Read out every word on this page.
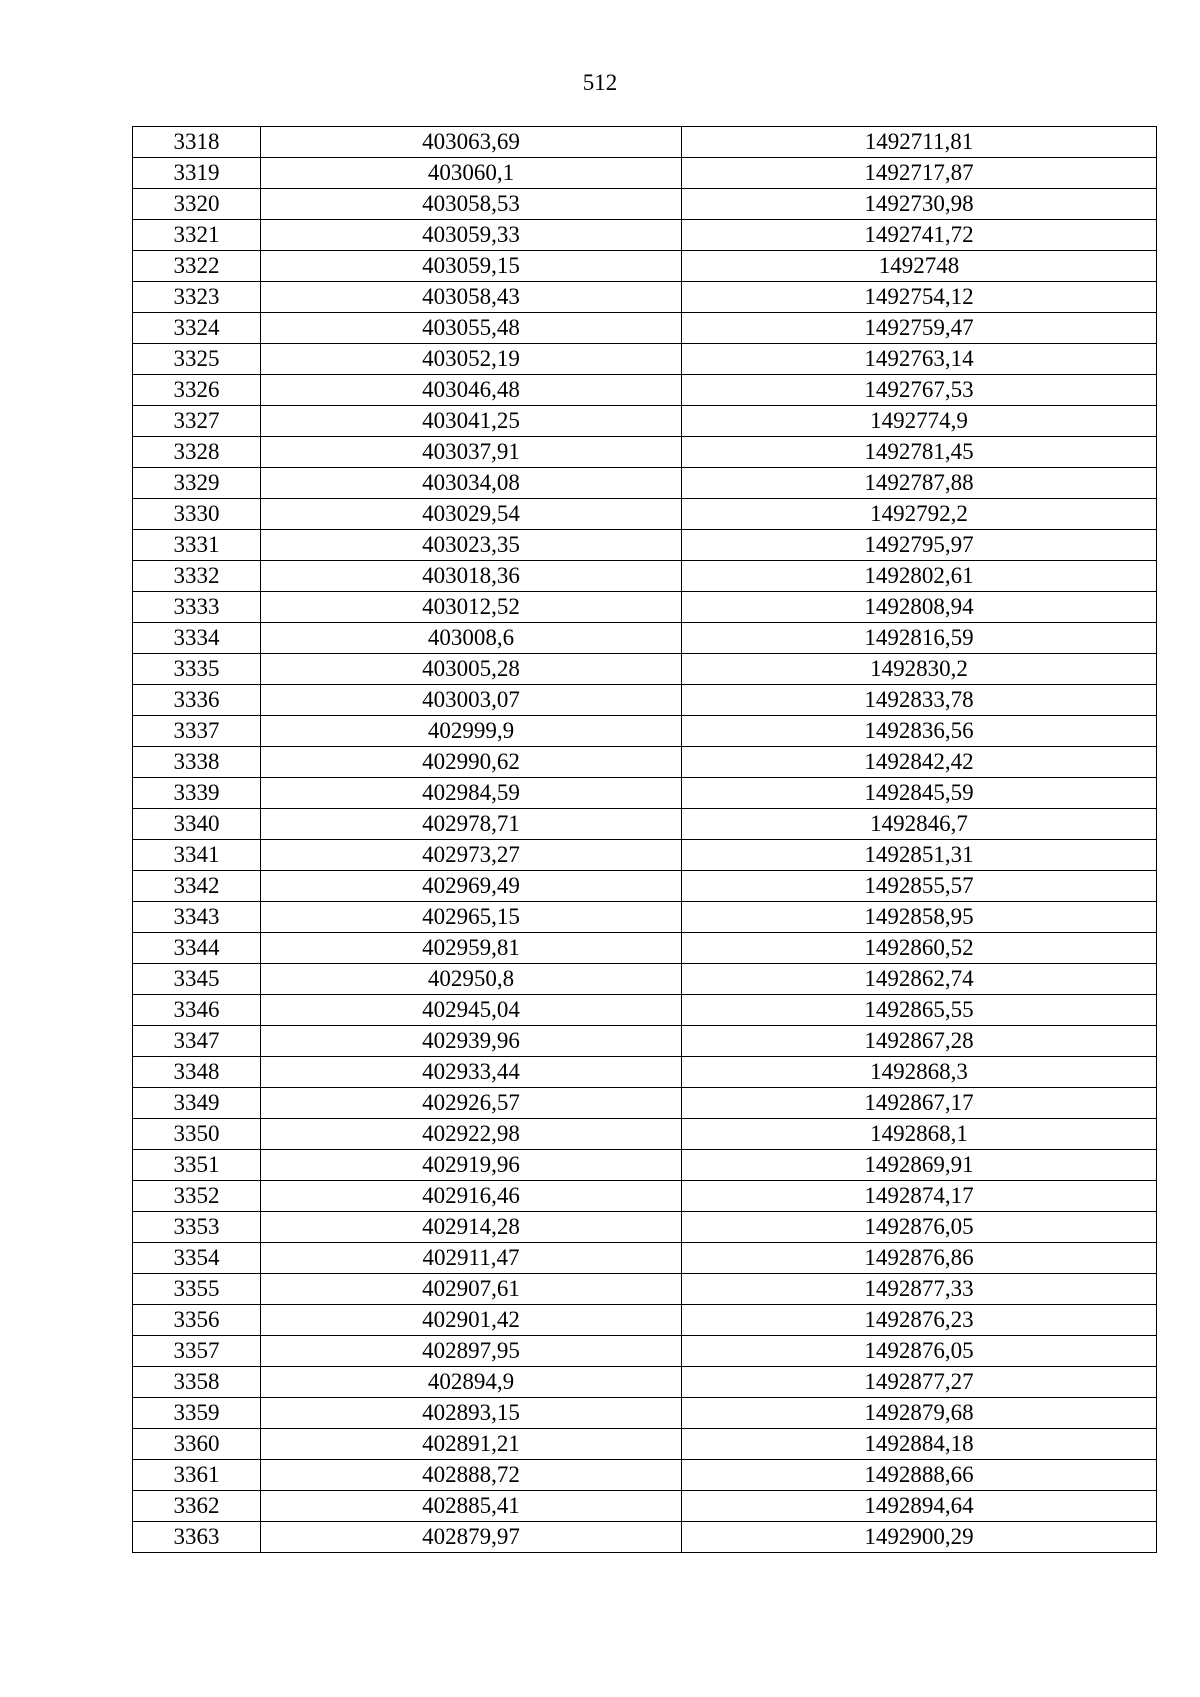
512
3318	403063,69	1492711,81
3319	403060,1	1492717,87
3320	403058,53	1492730,98
3321	403059,33	1492741,72
3322	403059,15	1492748
3323	403058,43	1492754,12
3324	403055,48	1492759,47
3325	403052,19	1492763,14
3326	403046,48	1492767,53
3327	403041,25	1492774,9
3328	403037,91	1492781,45
3329	403034,08	1492787,88
3330	403029,54	1492792,2
3331	403023,35	1492795,97
3332	403018,36	1492802,61
3333	403012,52	1492808,94
3334	403008,6	1492816,59
3335	403005,28	1492830,2
3336	403003,07	1492833,78
3337	402999,9	1492836,56
3338	402990,62	1492842,42
3339	402984,59	1492845,59
3340	402978,71	1492846,7
3341	402973,27	1492851,31
3342	402969,49	1492855,57
3343	402965,15	1492858,95
3344	402959,81	1492860,52
3345	402950,8	1492862,74
3346	402945,04	1492865,55
3347	402939,96	1492867,28
3348	402933,44	1492868,3
3349	402926,57	1492867,17
3350	402922,98	1492868,1
3351	402919,96	1492869,91
3352	402916,46	1492874,17
3353	402914,28	1492876,05
3354	402911,47	1492876,86
3355	402907,61	1492877,33
3356	402901,42	1492876,23
3357	402897,95	1492876,05
3358	402894,9	1492877,27
3359	402893,15	1492879,68
3360	402891,21	1492884,18
3361	402888,72	1492888,66
3362	402885,41	1492894,64
3363	402879,97	1492900,29
